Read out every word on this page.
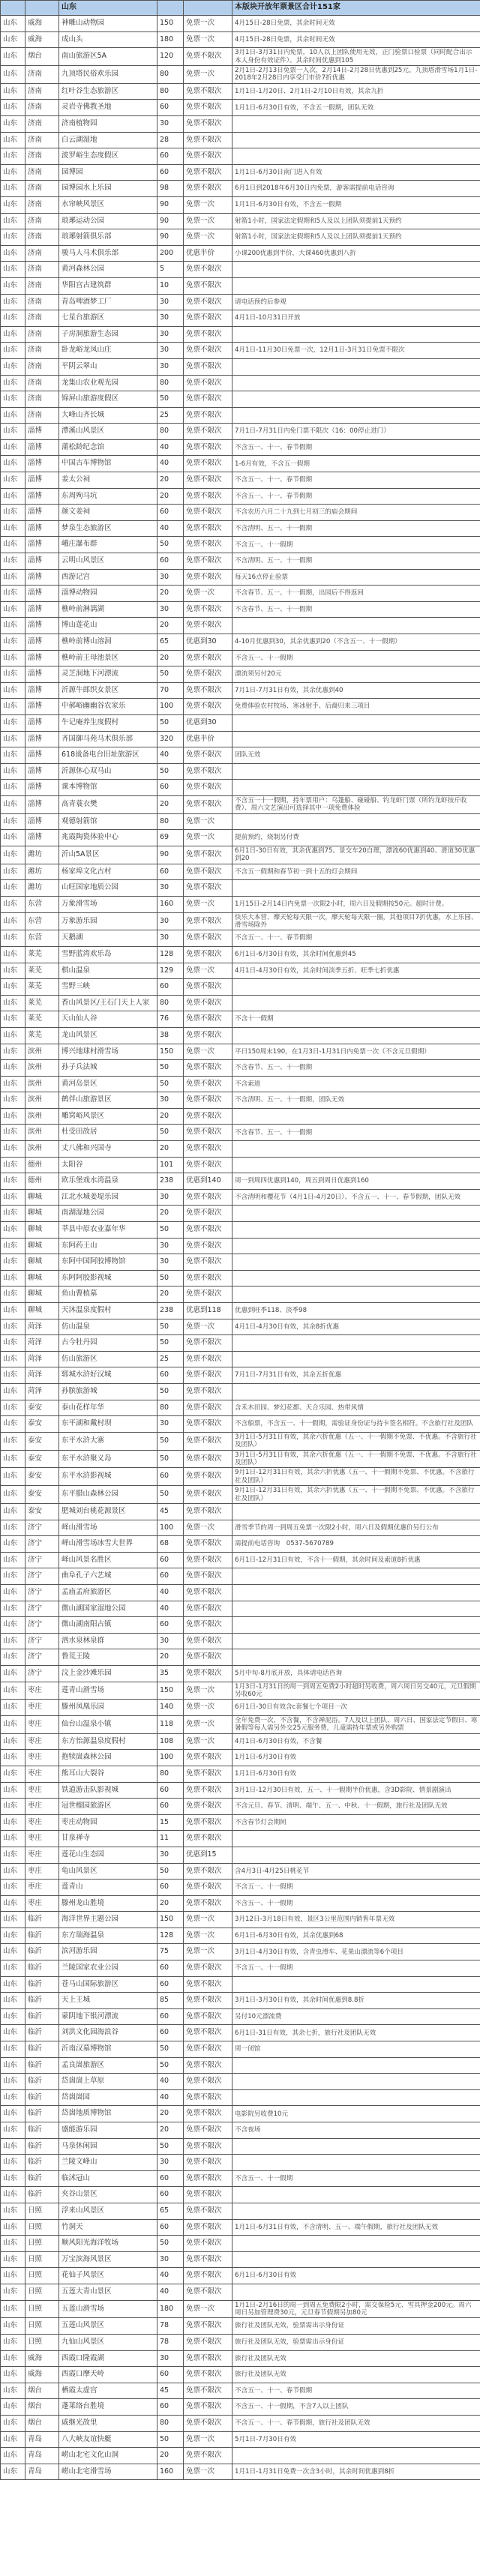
		山东			本版块开放年票景区合计151家
山东	威海	神雕山动物园	150	免票一次	4月15日-28日免票，其余时间无效
山东	威海	成山头	180	免票一次	4月15日-28日免票，其余时间无效
山东	烟台	南山旅游区5A	120	免票不限次	3月1日-3月31日内免票，10人以上团队使用无效，正门验票口验票（同时配合出示本人身份有效证件）。其余时间优惠到105
山东	济南	九顶塔民俗欢乐园	80	免票一次	2月1日-2月13日免票一人次，2月14日-2月28日优惠到25元。九顶塔滑雪场1月1日-2018年2月28日内享受门市价7折优惠
山东	济南	红叶谷生态旅游区	80	免票不限次	1月1日-1月20日、2月1日-2月10日有效，其余九折
山东	济南	灵岩寺佛教圣地	60	免票不限次	1月1日-6月30日有效，不含五一假期，团队无效
山东	济南	济南植物园	30	免票不限次	
山东	济南	白云湖湿地	28	免票不限次	
山东	济南	波罗峪生态度假区	60	免票不限次	
山东	济南	园博园	60	免票不限次	1月1日-6月30日南门进入有效
山东	济南	园博园水上乐园	98	免票不限次	6月1日到2018年6月30日内免票，游客需提前电话咨询
山东	济南	水帘峡风景区	90	免票一次	1月1日-6月30日有效，不含五一假期
山东	济南	琅琊运动公园	90	免票一次	射箭1小时，国家法定假期和5人及以上团队须提前1天预约
山东	济南	琅琊射箭俱乐部	90	免票一次	射箭1小时，国家法定假期和5人及以上团队须提前1天预约
山东	济南	骏马人马术俱乐部	200	优惠半价	小课200优惠到半价，大课460优惠到八折
山东	济南	黄河森林公园	5	免票不限次	
山东	济南	华阳宫古建筑群	10	免票不限次	
山东	济南	青岛啤酒梦工厂	30	免票不限次	请电话预约后参观
山东	济南	七星台旅游区	30	免票不限次	4月1日-10月31日开放
山东	济南	子房洞旅游生态园	30	免票不限次	
山东	济南	卧龙峪龙凤山庄	30	免票不限次	4月1日-11月30日免票一次，12月1日-3月31日免票不限次
山东	济南	平阴云翠山	30	免票不限次	
山东	济南	龙集山农业观光园	80	免票不限次	
山东	济南	锦屏山旅游度假区	50	免票不限次	
山东	济南	大峰山齐长城	25	免票不限次	
山东	淄博	潭溪山风景区	80	免票不限次	7月1日-7月31日内免门票不限次（16：00停止进门）
山东	淄博	蒲松龄纪念馆	40	免票不限次	不含五一、十一、春节假期
山东	淄博	中国古车博物馆	40	免票不限次	1-6月有效，不含五一假期
山东	淄博	姜太公祠	20	免票不限次	不含五一、十一、春节假期
山东	淄博	东周殉马坑	20	免票不限次	不含五一、十一、春节假期
山东	淄博	颜文姜祠	60	免票不限次	不含农历六月二十九到七月初三的庙会期间
山东	淄博	梦泉生态旅游区	40	免票不限次	不含清明、五一、十一假期
山东	淄博	峨庄瀑布群	50	免票不限次	不含五一、十一假期
山东	淄博	云明山风景区	60	免票不限次	不含清明、五一、十一假期
山东	淄博	西游记宫	30	免票不限次	每天16点停止验票
山东	淄博	淄博动物园	20	免票一次	不含春节、五一、十一假期，出园后不得返回
山东	淄博	樵岭前淋漓湖	30	免票不限次	不含春节、五一、十一假期
山东	淄博	博山莲花山	20	免票不限次	
山东	淄博	樵岭前博山溶洞	65	优惠到30	4-10月优惠到30，其余优惠到20（不含五一、十一假期）
山东	淄博	樵岭前王母池景区	20	免票不限次	不含五一、十一假期
山东	淄博	灵芝洞地下河漂流	50	免票不限次	漂流须另付20元
山东	淄博	沂源牛郎织女景区	70	免票不限次	7月1日-7月31日有效，其余优惠到40
山东	淄博	中郝峪幽幽谷农家乐	100	免票不限次	免费体验农村牧场、寒冰射手、后裔归来三项目
山东	淄博	牛记庵养生度假村	50	优惠到30	
山东	淄博	齐国御马苑马术俱乐部	320	优惠半价	
山东	淄博	618战备电台旧址旅游区	40	免票不限次	团队无效
山东	淄博	沂源休心双马山	50	免票不限次	
山东	淄博	课本博物馆	60	免票不限次	
山东	淄博	高青蓑衣樊	20	免票不限次	不含五一十一假期，持年票用户：乌篷船、碰碰船、钓龙虾门票（所钓龙虾按斤收费）、周六文艺演出可选择其中一项免费体验
山东	淄博	观德射箭馆	80	免票一次	
山东	淄博	兆霞陶瓷体验中心	69	免票一次	提前预约，烧制另付费
山东	潍坊	沂山5A景区	90	免票不限次	6月1日-30日有效，其余优惠到75。景交车20自理，漂流60优惠到40、滑道30优惠到20
山东	潍坊	杨家埠文化古村	60	免票不限次	不含五一假期和春节初一到十五的灯会期间
山东	潍坊	山旺国家地质公园	30	免票不限次	
山东	东营	万象滑雪场	160	免票一次	1月15日-2月14日内免票一次限2小时，周六日及假期按50元。超时计费。
山东	东营	万象游乐园	30	免票不限次	快乐大本营、摩天轮每天限一次，摩天轮每天限一圈，其他项目7折优惠，水上乐园、滑雪场除外
山东	东营	天鹅湖	30	免票不限次	不含五一、十一、春节假期
山东	莱芜	雪野蓝湾欢乐岛	128	免票不限次	6月1日-6月30日有效，其余时间优惠到45
山东	莱芜	棋山温泉	129	免票一次	4月1日-4月30日有效，其余时间淡季五折、旺季七折优惠
山东	莱芜	雪野三峡	60	免票不限次	
山东	莱芜	香山风景区/王石门天上人家	80	免票不限次	
山东	莱芜	天山仙人谷	76	免票不限次	不含十一假期
山东	莱芜	龙山风景区	38	免票不限次	
山东	滨州	博兴地球村滑雪场	150	免票一次	平日150周末190，在1月3日-1月31日内免票一次（不含元旦假期）
山东	滨州	孙子兵法城	50	免票不限次	不含春节、五一、十一假期
山东	滨州	黄河岛景区	50	免票不限次	不含索道
山东	滨州	鹤伴山旅游景区	30	免票不限次	不含清明、五一、十一假期，团队无效
山东	滨州	雕窝峪风景区	20	免票不限次	
山东	滨州	杜受田故居	50	免票不限次	不含春节、五一、十一假期
山东	滨州	丈八佛和兴国寺	20	免票不限次	
山东	德州	太阳谷	101	免票不限次	
山东	德州	欧乐堡戏水湾温泉	238	优惠到140	周一到周四优惠到140，周五到周日优惠到160
山东	聊城	江北水城姜堤乐园	30	免票不限次	不含清明和樱花节（4月1日-4月20日）、不含五一、十一、春节假期，团队无效
山东	聊城	南湖湿地公园	20	免票不限次	
山东	聊城	莘县中原农业嘉年华	50	免票不限次	
山东	聊城	东阿药王山	30	免票不限次	
山东	聊城	东阿中国阿胶博物馆	30	免票不限次	
山东	聊城	东阿阿胶影视城	50	免票不限次	
山东	聊城	鱼山曹植墓	20	免票不限次	
山东	聊城	天沐温泉度假村	238	优惠到118	优惠到旺季118、淡季98
山东	菏泽	仿山温泉	50	免票一次	4月1日-4月30日有效，其余8折优惠
山东	菏泽	古今牡丹园	50	免票不限次	
山东	菏泽	仿山旅游区	25	免票不限次	
山东	菏泽	郓城水浒好汉城	60	免票不限次	7月1日-7月31日有效，其余五折优惠
山东	菏泽	孙膑旅游城	50	免票不限次	
山东	泰安	泰山花样年华	80	免票不限次	含禾木田园、梦幻花都、天合乐园、热带风情
山东	泰安	东平湖和戴村坝	30	免票不限次	不含船票，不含五一、十一假期，需验证身份证与持卡签名相符。不含旅行社及团队
山东	泰安	东平水浒大寨	50	免票不限次	3月1日-5月31日有效，其余六折优惠（五一、十一假期不免票、不优惠。不含旅行社及团队）
山东	泰安	东平水浒聚义岛	50	免票不限次	3月1日-5月31日有效，其余六折优惠（五一、十一假期不免票、不优惠。不含旅行社及团队）
山东	泰安	东平水浒影视城	60	免票不限次	9月1日-12月31日有效，其余六折优惠（五一、十一假期不免票、不优惠。不含旅行社及团队）
山东	泰安	东平腊山森林公园	50	免票不限次	9月1日-12月31日有效，其余六折优惠（五一、十一假期不免票、不优惠。不含旅行社及团队）
山东	泰安	肥城刘台桃花源景区	45	免票不限次	
山东	济宁	峄山滑雪场	100	免票一次	滑雪季节的周一到周五免票一次限2小时，周六日及假期优惠价另行公布
山东	济宁	峄山滑雪场冰雪大世界	68	免票不限次	需提前电话咨询　0537-5670789
山东	济宁	峄山风景名胜区	60	免票不限次	6月1日-12月31日有效，不含十一假期，其余时间及索道8折优惠
山东	济宁	曲阜孔子六艺城	60	免票不限次	
山东	济宁	孟庙孟府旅游区	40	免票不限次	
山东	济宁	微山湖国家湿地公园	40	免票不限次	
山东	济宁	微山湖南阳古镇	60	免票不限次	
山东	济宁	泗水泉林泉群	30	免票不限次	
山东	济宁	鲁荒王陵	20	免票不限次	
山东	济宁	汶上金沙滩乐园	35	免票不限次	5月中旬-8月底开放，具体请电话咨询
山东	枣庄	莲青山滑雪场	150	免票一次	1月3日-1月31日的周一到周五免费2小时超时另收费，周六周日另交40元，元旦假期另收60元
山东	枣庄	滕州凤凰乐园	140	免票一次	6月1日-30日有效含c套餐七个项目一次
山东	枣庄	仙台山温泉小镇	118	免票一次	全年免费一次，不含餐，不含禅泥浴。7人及以上团队、周六日、国家法定节假日、寒暑假等每人需另外交25元服务费，儿童需持年票或另外购票
山东	枣庄	东方怡源温泉度假村	108	免票一次	4月1日-6月30日有效，不含餐
山东	枣庄	抱犊崮森林公园	100	免票不限次	1月1日-6月30日有效
山东	枣庄	熊耳山大裂谷	80	免票不限次	1月1日-6月30日有效
山东	枣庄	铁道游击队影视城	60	免票不限次	3月1日-12月30日有效，五一、十一假期半价优惠，含3D影院、情景剧演出
山东	枣庄	冠世榴园旅游区	60	免票不限次	不含元旦、春节、清明、端午、五一、中秋、十一假期，旅行社及团队无效
山东	枣庄	枣庄动物园	15	免票不限次	不含春节灯会期间
山东	枣庄	甘泉禅寺	11	免票不限次	
山东	枣庄	莲花山生态园	30	优惠到15	
山东	枣庄	龟山风景区	50	免票不限次	含4月3日-4月25日桃花节
山东	枣庄	莲青山	60	免票不限次	不含五一、十一假期
山东	枣庄	滕州龙山胜境	20	免票不限次	不含五一、十一假期
山东	临沂	海洋世界主题公园	150	免票一次	3月12日-3月18日有效，景区3公里范围内销售年票无效
山东	临沂	东方瑞海温泉	128	免票一次	6月1日-6月30日有效，其余优惠到68
山东	临沂	滨河游乐园	75	免票一次	3月1日-4月30日有效，含青虫滑车、花果山漂流等6个项目
山东	临沂	兰陵国家农业公园	60	免票不限次	不含五一、十一假期
山东	临沂	苍马山国际旅游区	60	免票不限次	
山东	临沂	天上王城	85	免票不限次	3月1日-3月30日有效，其余时间优惠到8.8折
山东	临沂	蒙阴地下银河漂流	60	免票不限次	另付10元漂流费
山东	临沂	刘洪文化园海浪谷	60	免票不限次	6月1日-31日有效，其余七折，旅行社及团队无效
山东	临沂	沂南汉墓博物馆	50	免票不限次	周一闭馆
山东	临沂	孟良崮旅游区	50	免票不限次	
山东	临沂	岱崮崮上草原	40	免票不限次	
山东	临沂	岱崮崮园	40	免票不限次	
山东	临沂	岱崮地质博物馆	20	免票不限次	电影院另收费10元
山东	临沂	盛能游乐园	20	免票不限次	不含夜场
山东	临沂	马泉休闲园	50	免票不限次	
山东	临沂	兰陵文峰山	30	免票不限次	
山东	临沂	临沭冠山	60	免票不限次	不含五一、十一假期
山东	临沂	夹谷山景区	60	免票不限次	
山东	日照	浮来山风景区	65	免票不限次	
山东	日照	竹洞天	60	免票不限次	1月1日-6月31日有效，不含清明、五一、端午假期，旅行社及团队无效
山东	日照	顺风阳光海洋牧场	50	免票不限次	
山东	日照	万宝滨海风景区	30	免票不限次	
山东	日照	花仙子风景区	40	免票不限次	6月1日-6月30日有效
山东	日照	五莲大青山景区	40	免票不限次	
山东	日照	五莲山滑雪场	180	免票一次	1月1日-2月16日的周一到周五免费限2小时，需交保险5元、雪具押金200元。周六周日另加管理费30元，元旦春节假期另加80元
山东	日照	五莲山风景区	78	免票不限次	旅行社及团队无效，验票需出示身份证
山东	日照	九仙山风景区	78	免票不限次	旅行社及团队无效，验票需出示身份证
山东	威海	西霞口隆霞湖	30	免票不限次	旅行社及团队无效
山东	威海	西霞口摩天岭	60	免票不限次	旅行社及团队无效
山东	烟台	栖霞太虚宫	45	免票不限次	不含五一、十一、春节假期
山东	烟台	蓬莱络台胜境	60	免票不限次	不含五一、十一假期，不含7人以上团队
山东	烟台	戚继光故里	80	免票不限次	不含五一、十一、春节假期，旅行社及团队无效
山东	青岛	八大峡友谊快艇	50	免票一次	5月1日-7月30日有效
山东	青岛	崂山北宅文化山洞	20	免票不限次	
山东	青岛	崂山北宅滑雪场	160	免票一次	1月1日-1月31日免费一次含3小时，其余时间优惠到8折
